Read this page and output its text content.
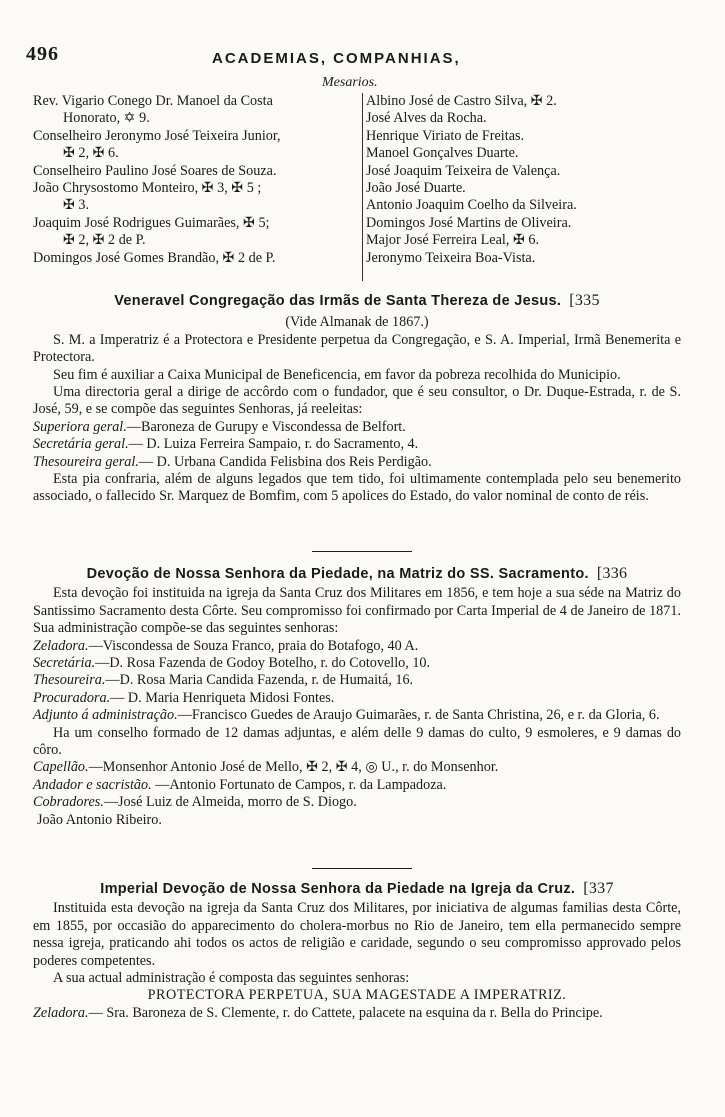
496	ACADEMIAS, COMPANHIAS,
Mesarios.
Rev. Vigario Conego Dr. Manoel da Costa
Honorato, ✡ 9.
Conselheiro Jeronymo José Teixeira Junior,
✠ 2, ✠ 6.
Conselheiro Paulino José Soares de Souza.
João Chrysostomo Monteiro, ✠ 3, ✠ 5 ;
✠ 3.
Joaquim José Rodrigues Guimarães, ✠ 5;
✠ 2, ✠ 2 de P.
Domingos José Gomes Brandão, ✠ 2 de P.
Albino José de Castro Silva, ✠ 2.
José Alves da Rocha.
Henrique Viriato de Freitas.
Manoel Gonçalves Duarte.
José Joaquim Teixeira de Valença.
João José Duarte.
Antonio Joaquim Coelho da Silveira.
Domingos José Martins de Oliveira.
Major José Ferreira Leal, ✠ 6.
Jeronymo Teixeira Boa-Vista.
Veneravel Congregação das Irmãs de Santa Thereza de Jesus. [335
(Vide Almanak de 1867.)
S. M. a Imperatriz é a Protectora e Presidente perpetua da Congregação, e S. A. Imperial, Irmã Benemerita e Protectora.
Seu fim é auxiliar a Caixa Municipal de Beneficencia, em favor da pobreza recolhida do Municipio.
Uma directoria geral a dirige de accôrdo com o fundador, que é seu consultor, o Dr. Duque-Estrada, r. de S. José, 59, e se compõe das seguintes Senhoras, já reeleitas:
Superiora geral.—Baroneza de Gurupy e Viscondessa de Belfort.
Secretária geral.— D. Luiza Ferreira Sampaio, r. do Sacramento, 4.
Thesoureira geral.— D. Urbana Candida Felisbina dos Reis Perdigão.
Esta pia confraria, além de alguns legados que tem tido, foi ultimamente contemplada pelo seu benemerito associado, o fallecido Sr. Marquez de Bomfim, com 5 apolices do Estado, do valor nominal de conto de réis.
Devoção de Nossa Senhora da Piedade, na Matriz do SS. Sacramento. [336
Esta devoção foi instituida na igreja da Santa Cruz dos Militares em 1856, e tem hoje a sua séde na Matriz do Santissimo Sacramento desta Côrte. Seu compromisso foi confirmado por Carta Imperial de 4 de Janeiro de 1871. Sua administração compõe-se das seguintes senhoras:
Zeladora.—Viscondessa de Souza Franco, praia do Botafogo, 40 A.
Secretária.—D. Rosa Fazenda de Godoy Botelho, r. do Cotovello, 10.
Thesoureira.—D. Rosa Maria Candida Fazenda, r. de Humaitá, 16.
Procuradora.— D. Maria Henriqueta Midosi Fontes.
Adjunto á administração.—Francisco Guedes de Araujo Guimarães, r. de Santa Christina, 26, e r. da Gloria, 6.
Ha um conselho formado de 12 damas adjuntas, e além delle 9 damas do culto, 9 esmoleres, e 9 damas do côro.
Capellão.—Monsenhor Antonio José de Mello, ✠ 2, ✠ 4, ◎ U., r. do Monsenhor.
Andador e sacristão. —Antonio Fortunato de Campos, r. da Lampadoza.
Cobradores.—José Luiz de Almeida, morro de S. Diogo.
João Antonio Ribeiro.
Imperial Devoção de Nossa Senhora da Piedade na Igreja da Cruz. [337
Instituida esta devoção na igreja da Santa Cruz dos Militares, por iniciativa de algumas familias desta Côrte, em 1855, por occasião do apparecimento do cholera-morbus no Rio de Janeiro, tem ella permanecido sempre nessa igreja, praticando ahi todos os actos de religião e caridade, segundo o seu compromisso approvado pelos poderes competentes.
A sua actual administração é composta das seguintes senhoras:
PROTECTORA PERPETUA, SUA MAGESTADE A IMPERATRIZ.
Zeladora.— Sra. Baroneza de S. Clemente, r. do Cattete, palacete na esquina da r. Bella do Principe.
